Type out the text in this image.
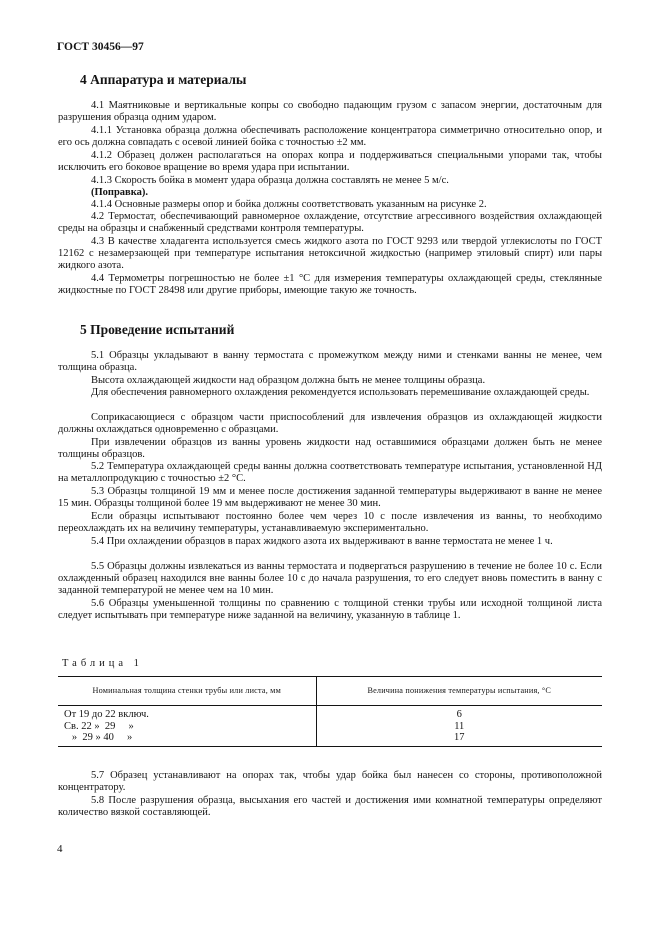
ГОСТ 30456—97
4 Аппаратура и материалы
4.1 Маятниковые и вертикальные копры со свободно падающим грузом с запасом энергии, достаточным для разрушения образца одним ударом.
4.1.1 Установка образца должна обеспечивать расположение концентратора симметрично относительно опор, и его ось должна совпадать с осевой линией бойка с точностью ±2 мм.
4.1.2 Образец должен располагаться на опорах копра и поддерживаться специальными упорами так, чтобы исключить его боковое вращение во время удара при испытании.
4.1.3 Скорость бойка в момент удара образца должна составлять не менее 5 м/с.
(Поправка).
4.1.4 Основные размеры опор и бойка должны соответствовать указанным на рисунке 2.
4.2 Термостат, обеспечивающий равномерное охлаждение, отсутствие агрессивного воздействия охлаждающей среды на образцы и снабженный средствами контроля температуры.
4.3 В качестве хладагента используется смесь жидкого азота по ГОСТ 9293 или твердой углекислоты по ГОСТ 12162 с незамерзающей при температуре испытания нетоксичной жидкостью (например этиловый спирт) или пары жидкого азота.
4.4 Термометры погрешностью не более ±1 °С для измерения температуры охлаждающей среды, стеклянные жидкостные по ГОСТ 28498 или другие приборы, имеющие такую же точность.
5 Проведение испытаний
5.1 Образцы укладывают в ванну термостата с промежутком между ними и стенками ванны не менее, чем толщина образца.
Высота охлаждающей жидкости над образцом должна быть не менее толщины образца.
Для обеспечения равномерного охлаждения рекомендуется использовать перемешивание охлаждающей среды.
Соприкасающиеся с образцом части приспособлений для извлечения образцов из охлаждающей жидкости должны охлаждаться одновременно с образцами.
При извлечении образцов из ванны уровень жидкости над оставшимися образцами должен быть не менее толщины образцов.
5.2 Температура охлаждающей среды ванны должна соответствовать температуре испытания, установленной НД на металлопродукцию с точностью ±2 °С.
5.3 Образцы толщиной 19 мм и менее после достижения заданной температуры выдерживают в ванне не менее 15 мин. Образцы толщиной более 19 мм выдерживают не менее 30 мин.
Если образцы испытывают постоянно более чем через 10 с после извлечения из ванны, то необходимо переохлаждать их на величину температуры, устанавливаемую экспериментально.
5.4 При охлаждении образцов в парах жидкого азота их выдерживают в ванне термостата не менее 1 ч.
5.5 Образцы должны извлекаться из ванны термостата и подвергаться разрушению в течение не более 10 с. Если охлажденный образец находился вне ванны более 10 с до начала разрушения, то его следует вновь поместить в ванну с заданной температурой не менее чем на 10 мин.
5.6 Образцы уменьшенной толщины по сравнению с толщиной стенки трубы или исходной толщиной листа следует испытывать при температуре ниже заданной на величину, указанную в таблице 1.
Таблица 1
Номинальная толщина стенки трубы или листа, мм	Величина понижения температуры испытания, °С
От 19 до 22 включ.	6
Св. 22 »  29     »	11
»  29 » 40     »	17
5.7 Образец устанавливают на опорах так, чтобы удар бойка был нанесен со стороны, противоположной концентратору.
5.8 После разрушения образца, высыхания его частей и достижения ими комнатной температуры определяют количество вязкой составляющей.
4
